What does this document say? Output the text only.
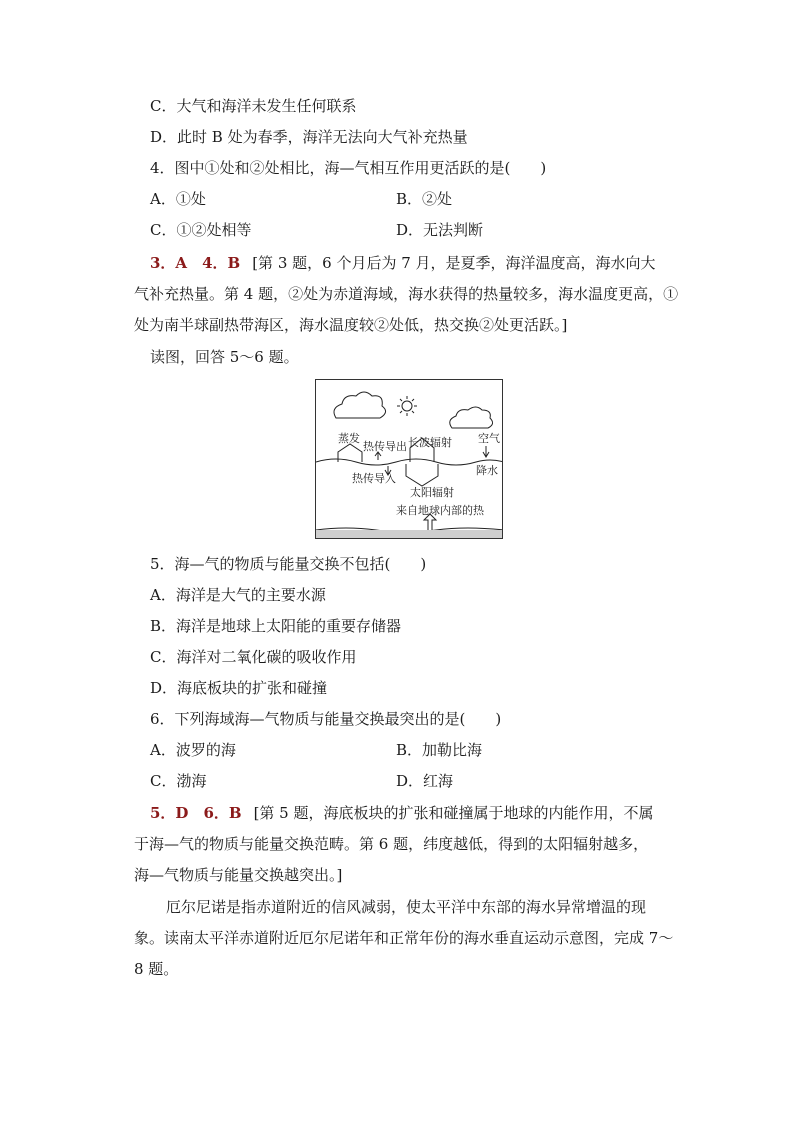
C．大气和海洋未发生任何联系
D．此时 B 处为春季，海洋无法向大气补充热量
4．图中①处和②处相比，海—气相互作用更活跃的是(　　)
A．①处	B．②处
C．①②处相等	D．无法判断
3．A　4．B [第 3 题，6 个月后为 7 月，是夏季，海洋温度高，海水向大
气补充热量。第 4 题，②处为赤道海域，海水获得的热量较多，海水温度更高，①
处为南半球副热带海区，海水温度较②处低，热交换②处更活跃。]
读图，回答 5～6 题。
蒸发
热传导出 长波辐射 空气
降水
热传导入
太阳辐射
来自地球内部的热
5．海—气的物质与能量交换不包括(　　)
A．海洋是大气的主要水源
B．海洋是地球上太阳能的重要存储器
C．海洋对二氧化碳的吸收作用
D．海底板块的扩张和碰撞
6．下列海域海—气物质与能量交换最突出的是(　　)
A．波罗的海	B．加勒比海
C．渤海	D．红海
5．D　6．B [第 5 题，海底板块的扩张和碰撞属于地球的内能作用，不属
于海—气的物质与能量交换范畴。第 6 题，纬度越低，得到的太阳辐射越多，
海—气物质与能量交换越突出。]
厄尔尼诺是指赤道附近的信风减弱，使太平洋中东部的海水异常增温的现
象。读南太平洋赤道附近厄尔尼诺年和正常年份的海水垂直运动示意图，完成 7～
8 题。
